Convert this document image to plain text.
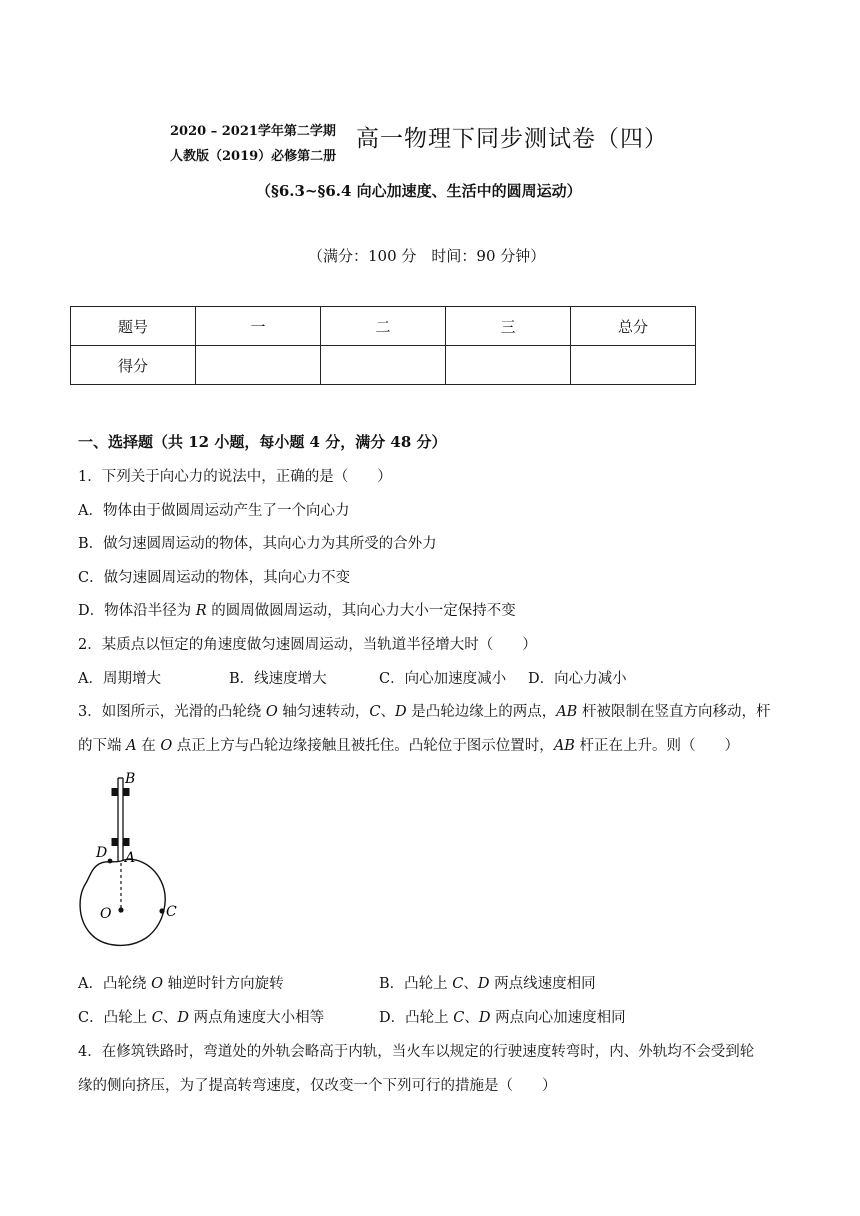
2020 – 2021学年第二学期
人教版（2019）必修第二册
高一物理下同步测试卷（四）
（§6.3~§6.4 向心加速度、生活中的圆周运动）
（满分：100 分　时间：90 分钟）
题号	一	二	三	总分
得分				
一、选择题（共 12 小题，每小题 4 分，满分 48 分）
1．下列关于向心力的说法中，正确的是（　　）
A．物体由于做圆周运动产生了一个向心力
B．做匀速圆周运动的物体，其向心力为其所受的合外力
C．做匀速圆周运动的物体，其向心力不变
D．物体沿半径为 R 的圆周做圆周运动，其向心力大小一定保持不变
2．某质点以恒定的角速度做匀速圆周运动，当轨道半径增大时（　　）
A．周期增大	B．线速度增大	C．向心加速度减小 D．向心力减小
3．如图所示，光滑的凸轮绕 O 轴匀速转动，C、D 是凸轮边缘上的两点，AB 杆被限制在竖直方向移动，杆
的下端 A 在 O 点正上方与凸轮边缘接触且被托住。凸轮位于图示位置时，AB 杆正在上升。则（　　）
B
D A
O	C
A．凸轮绕 O 轴逆时针方向旋转	B．凸轮上 C、D 两点线速度相同
C．凸轮上 C、D 两点角速度大小相等	D．凸轮上 C、D 两点向心加速度相同
4．在修筑铁路时，弯道处的外轨会略高于内轨，当火车以规定的行驶速度转弯时，内、外轨均不会受到轮
缘的侧向挤压，为了提高转弯速度，仅改变一个下列可行的措施是（　　）
